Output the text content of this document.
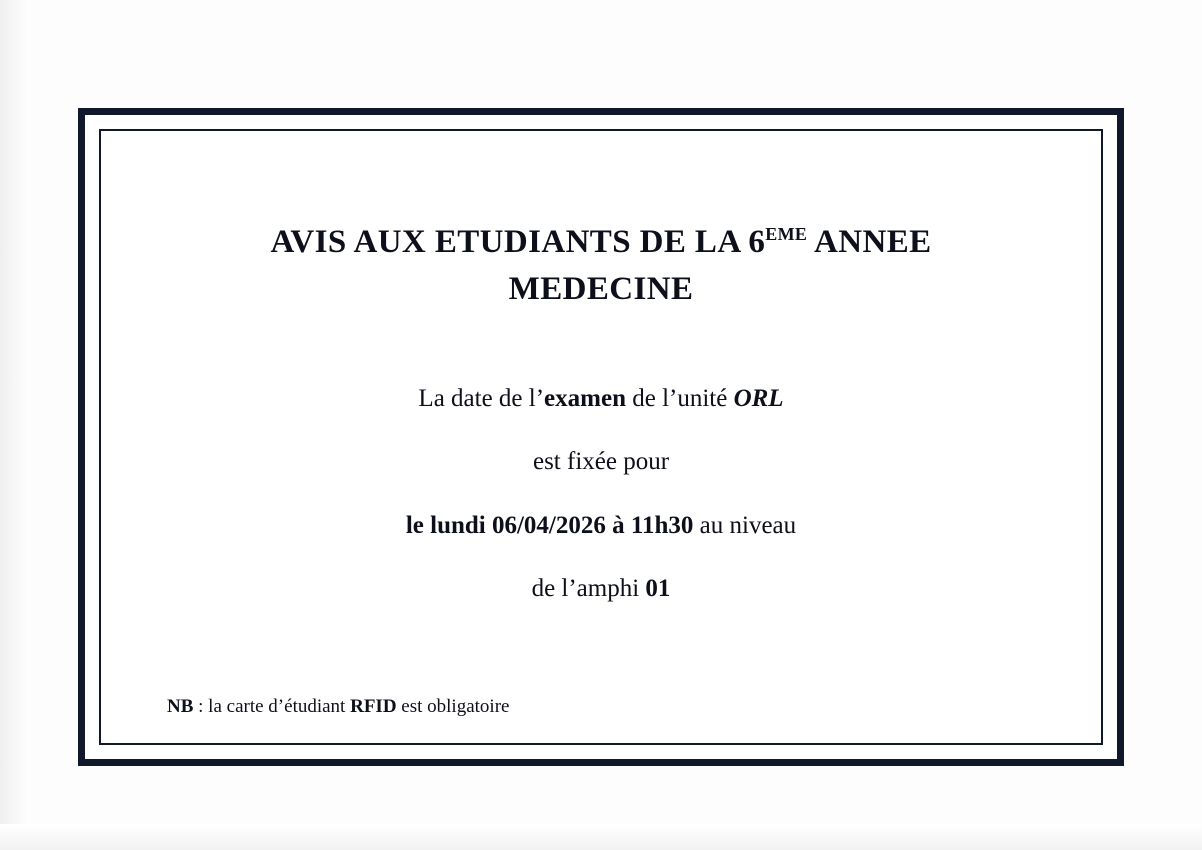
AVIS AUX ETUDIANTS DE LA 6EME ANNEE
MEDECINE

La date de l’examen de l’unité ORL

est fixée pour

le lundi 06/04/2026 à 11h30 au niveau

de l’amphi 01

NB : la carte d’étudiant RFID est obligatoire
